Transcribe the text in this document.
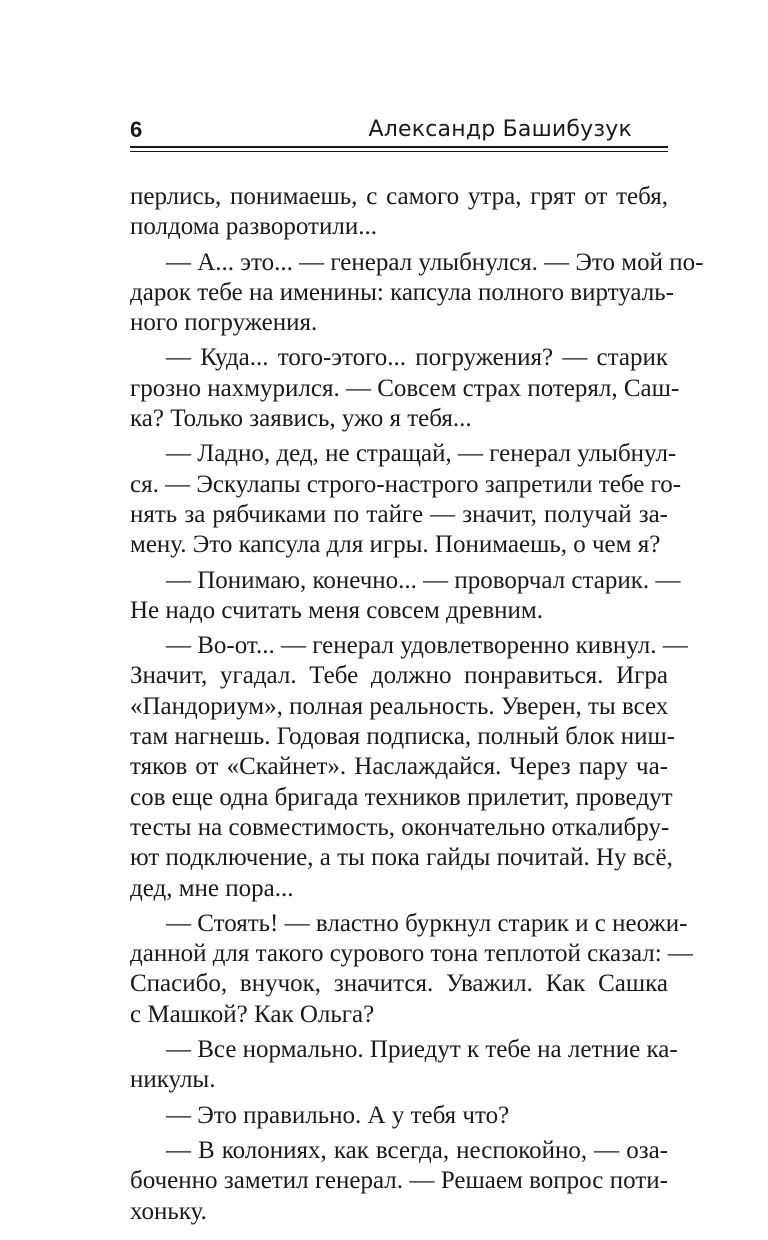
6	Александр Башибузук
перлись, понимаешь, с самого утра, грят от тебя,
полдома разворотили...
— А... это... — генерал улыбнулся. — Это мой по-
дарок тебе на именины: капсула полного виртуаль-
ного погружения.
— Куда... того-этого... погружения? — старик
грозно нахмурился. — Совсем страх потерял, Саш-
ка? Только заявись, ужо я тебя...
— Ладно, дед, не стращай, — генерал улыбнул-
ся. — Эскулапы строго-настрого запретили тебе го-
нять за рябчиками по тайге — значит, получай за-
мену. Это капсула для игры. Понимаешь, о чем я?
— Понимаю, конечно... — проворчал старик. —
Не надо считать меня совсем древним.
— Во-от... — генерал удовлетворенно кивнул. —
Значит, угадал. Тебе должно понравиться. Игра
«Пандориум», полная реальность. Уверен, ты всех
там нагнешь. Годовая подписка, полный блок ниш-
тяков от «Скайнет». Наслаждайся. Через пару ча-
сов еще одна бригада техников прилетит, проведут
тесты на совместимость, окончательно откалибру-
ют подключение, а ты пока гайды почитай. Ну всё,
дед, мне пора...
— Стоять! — властно буркнул старик и с неожи-
данной для такого сурового тона теплотой сказал: —
Спасибо, внучок, значится. Уважил. Как Сашка
с Машкой? Как Ольга?
— Все нормально. Приедут к тебе на летние ка-
никулы.
— Это правильно. А у тебя что?
— В колониях, как всегда, неспокойно, — оза-
боченно заметил генерал. — Решаем вопрос поти-
хоньку.
